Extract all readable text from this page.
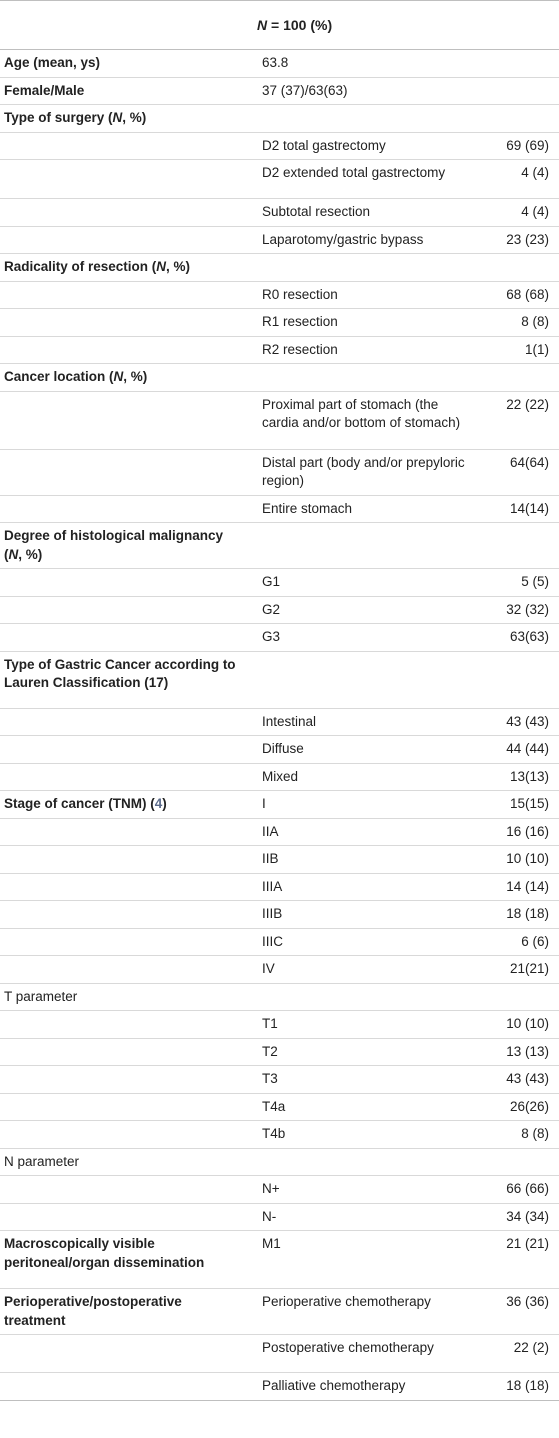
	N = 100 (%)	
Age (mean, ys)	63.8	
Female/Male	37 (37)/63(63)	
Type of surgery (N, %)		
	D2 total gastrectomy	69 (69)
	D2 extended total gastrectomy	4 (4)
	Subtotal resection	4 (4)
	Laparotomy/gastric bypass	23 (23)
Radicality of resection (N, %)		
	R0 resection	68 (68)
	R1 resection	8 (8)
	R2 resection	1(1)
Cancer location (N, %)		
	Proximal part of stomach (the cardia and/or bottom of stomach)	22 (22)
	Distal part (body and/or prepyloric region)	64(64)
	Entire stomach	14(14)
Degree of histological malignancy (N, %)		
	G1	5 (5)
	G2	32 (32)
	G3	63(63)
Type of Gastric Cancer according to Lauren Classification (17)		
	Intestinal	43 (43)
	Diffuse	44 (44)
	Mixed	13(13)
Stage of cancer (TNM) (4)	I	15(15)
	IIA	16 (16)
	IIB	10 (10)
	IIIA	14 (14)
	IIIB	18 (18)
	IIIC	6 (6)
	IV	21(21)
T parameter		
	T1	10 (10)
	T2	13 (13)
	T3	43 (43)
	T4a	26(26)
	T4b	8 (8)
N parameter		
	N+	66 (66)
	N-	34 (34)
Macroscopically visible peritoneal/organ dissemination	M1	21 (21)
Perioperative/postoperative treatment	Perioperative chemotherapy	36 (36)
	Postoperative chemotherapy	22 (2)
	Palliative chemotherapy	18 (18)
